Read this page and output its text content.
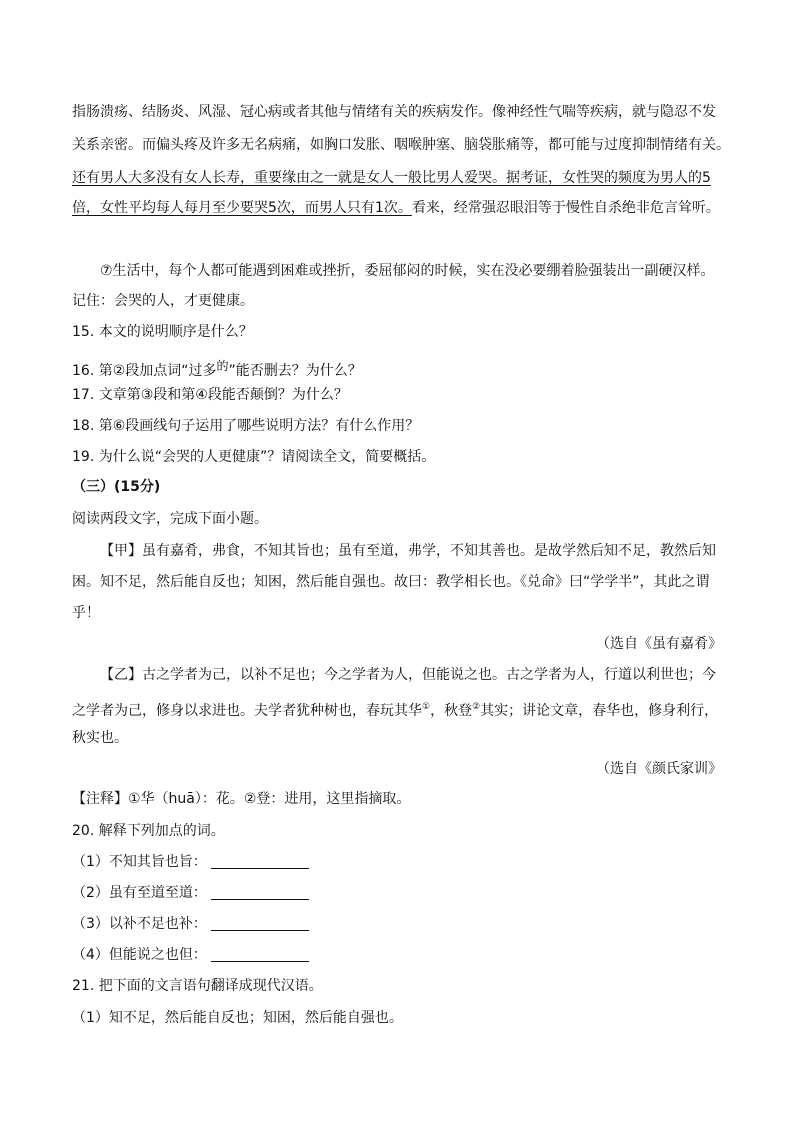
指肠溃疡、结肠炎、风湿、冠心病或者其他与情绪有关的疾病发作。像神经性气喘等疾病，就与隐忍不发
关系亲密。而偏头疼及许多无名病痛，如胸口发胀、咽喉肿塞、脑袋胀痛等，都可能与过度抑制情绪有关。
还有男人大多没有女人长寿，重要缘由之一就是女人一般比男人爱哭。据考证，女性哭的频度为男人的5
倍，女性平均每人每月至少要哭5次，而男人只有1次。看来，经常强忍眼泪等于慢性自杀绝非危言耸听。
⑦生活中，每个人都可能遇到困难或挫折，委屈郁闷的时候，实在没必要绷着脸强装出一副硬汉样。
记住：会哭的人，才更健康。
15. 本文的说明顺序是什么？
16. 第②段加点词“过多的”能否删去？为什么？
17. 文章第③段和第④段能否颠倒？为什么？
18. 第⑥段画线句子运用了哪些说明方法？有什么作用？
19. 为什么说“会哭的人更健康”？请阅读全文，简要概括。
（三）(15分)
阅读两段文字，完成下面小题。
【甲】虽有嘉肴，弗食，不知其旨也；虽有至道，弗学，不知其善也。是故学然后知不足，教然后知
困。知不足，然后能自反也；知困，然后能自强也。故曰：教学相长也。《兑命》曰“学学半”，其此之谓
乎！
（选自《虽有嘉肴》
【乙】古之学者为己，以补不足也；今之学者为人，但能说之也。古之学者为人，行道以利世也；今
之学者为己，修身以求进也。夫学者犹种树也，春玩其华①，秋登②其实；讲论文章，春华也，修身利行，
秋实也。
（选自《颜氏家训》
【注释】①华（huā）：花。②登：进用，这里指摘取。
20. 解释下列加点的词。
（1）不知其旨也旨：
（2）虽有至道至道：
（3）以补不足也补：
（4）但能说之也但：
21. 把下面的文言语句翻译成现代汉语。
（1）知不足，然后能自反也；知困，然后能自强也。
